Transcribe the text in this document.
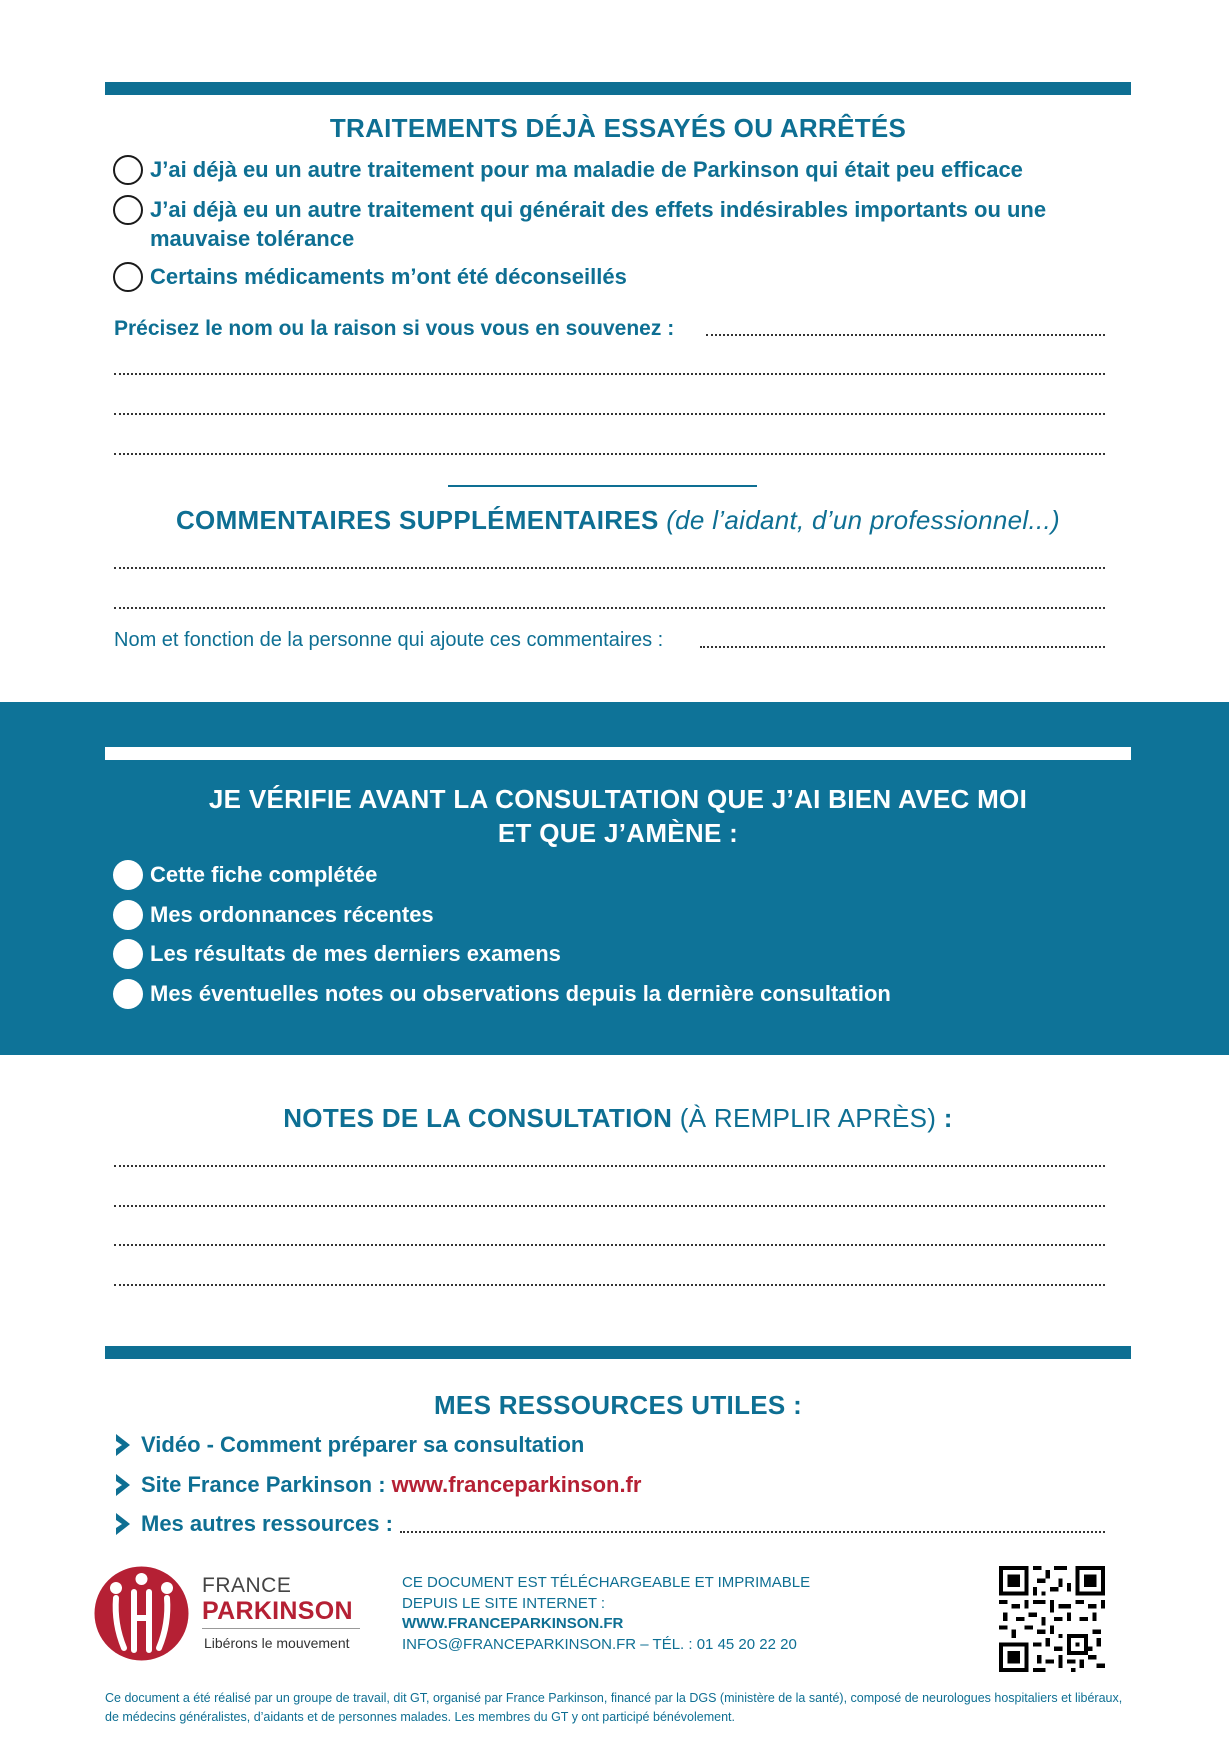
TRAITEMENTS DÉJÀ ESSAYÉS OU ARRÊTÉS
J’ai déjà eu un autre traitement pour ma maladie de Parkinson qui était peu efficace
J’ai déjà eu un autre traitement qui générait des effets indésirables importants ou une mauvaise tolérance
Certains médicaments m’ont été déconseillés
Précisez le nom ou la raison si vous vous en souvenez :
COMMENTAIRES SUPPLÉMENTAIRES (de l’aidant, d’un professionnel...)
Nom et fonction de la personne qui ajoute ces commentaires :
JE VÉRIFIE AVANT LA CONSULTATION QUE J’AI BIEN AVEC MOI
ET QUE J’AMÈNE :
Cette fiche complétée
Mes ordonnances récentes
Les résultats de mes derniers examens
Mes éventuelles notes ou observations depuis la dernière consultation
NOTES DE LA CONSULTATION (À REMPLIR APRÈS) :
MES RESSOURCES UTILES :
Vidéo - Comment préparer sa consultation
Site France Parkinson : www.franceparkinson.fr
Mes autres ressources :
FRANCE
PARKINSON
Libérons le mouvement
CE DOCUMENT EST TÉLÉCHARGEABLE ET IMPRIMABLE
DEPUIS LE SITE INTERNET :
WWW.FRANCEPARKINSON.FR
INFOS@FRANCEPARKINSON.FR – TÉL. : 01 45 20 22 20
Ce document a été réalisé par un groupe de travail, dit GT, organisé par France Parkinson, financé par la DGS (ministère de la santé), composé de neurologues hospitaliers et libéraux, de médecins généralistes, d’aidants et de personnes malades. Les membres du GT y ont participé bénévolement.
